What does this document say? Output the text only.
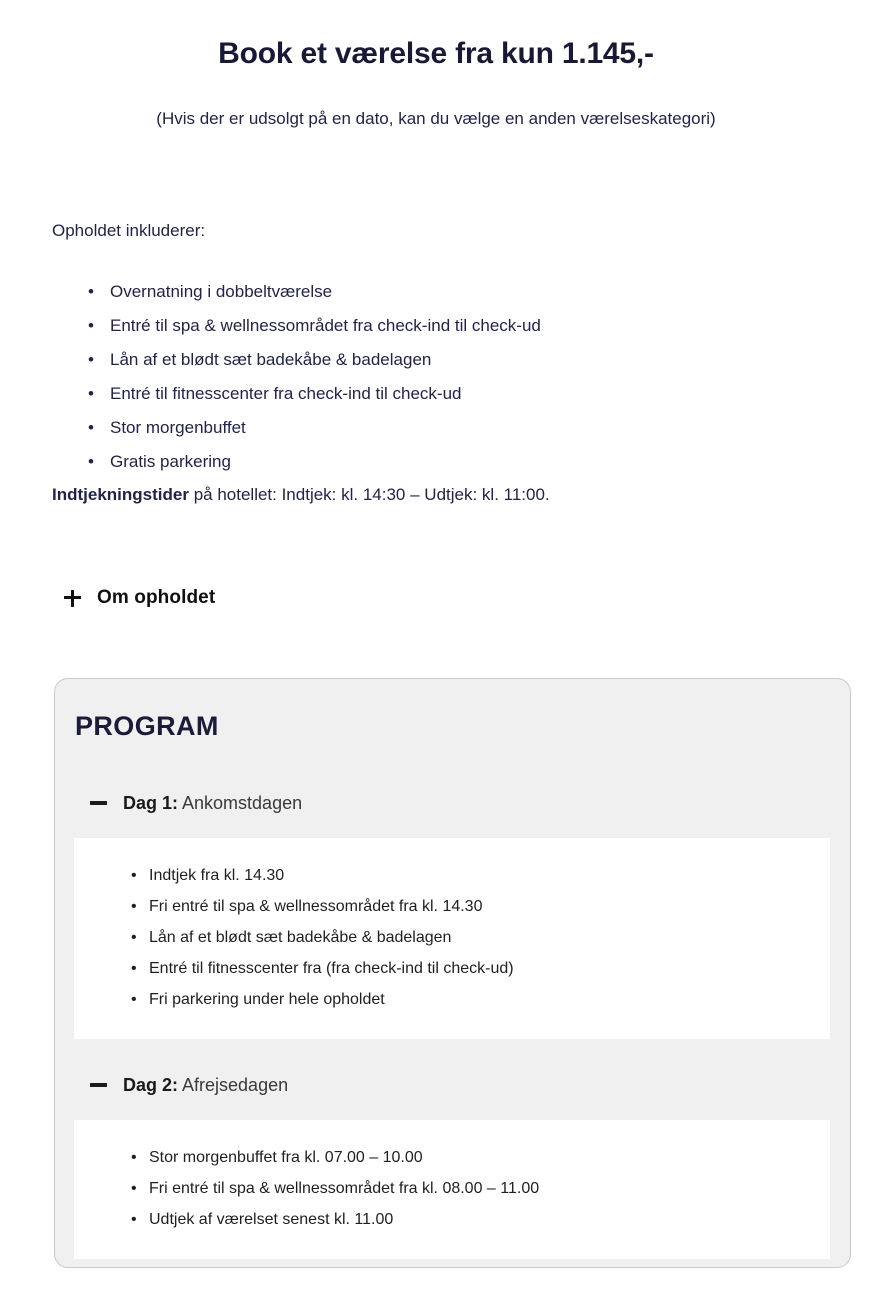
Book et værelse fra kun 1.145,-

(Hvis der er udsolgt på en dato, kan du vælge en anden værelseskategori)

Opholdet inkluderer:

• Overnatning i dobbeltværelse
• Entré til spa & wellnessområdet fra check-ind til check-ud
• Lån af et blødt sæt badekåbe & badelagen
• Entré til fitnesscenter fra check-ind til check-ud
• Stor morgenbuffet
• Gratis parkering

Indtjekningstider på hotellet: Indtjek: kl. 14:30 – Udtjek: kl. 11:00.

Om opholdet
PROGRAM
Dag 1: Ankomstdagen
• Indtjek fra kl. 14.30
• Fri entré til spa & wellnessområdet fra kl. 14.30
• Lån af et blødt sæt badekåbe & badelagen
• Entré til fitnesscenter fra (fra check-ind til check-ud)
• Fri parkering under hele opholdet
Dag 2: Afrejsedagen
• Stor morgenbuffet fra kl. 07.00 – 10.00
• Fri entré til spa & wellnessområdet fra kl. 08.00 – 11.00
• Udtjek af værelset senest kl. 11.00
